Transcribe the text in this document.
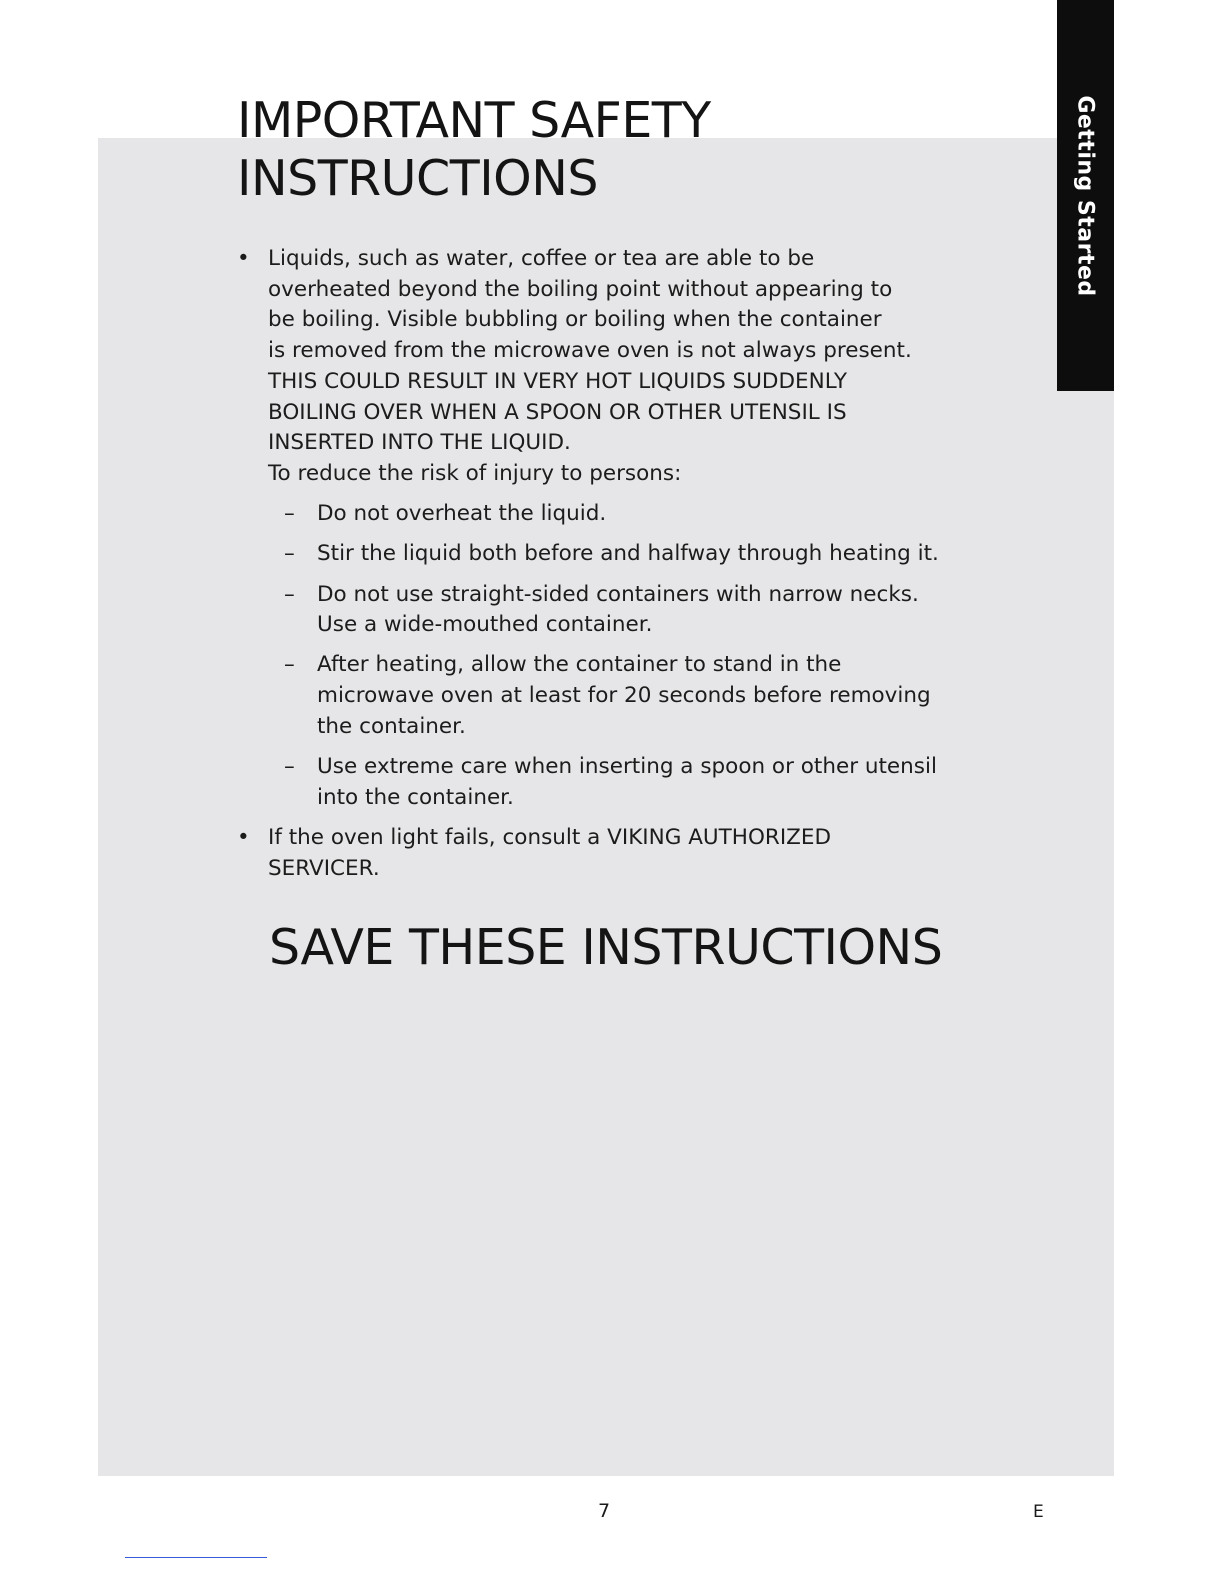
Getting Started
IMPORTANT SAFETY
INSTRUCTIONS
• Liquids, such as water, coffee or tea are able to be
overheated beyond the boiling point without appearing to
be boiling. Visible bubbling or boiling when the container
is removed from the microwave oven is not always present.
THIS COULD RESULT IN VERY HOT LIQUIDS SUDDENLY
BOILING OVER WHEN A SPOON OR OTHER UTENSIL IS
INSERTED INTO THE LIQUID.
To reduce the risk of injury to persons:
– Do not overheat the liquid.
– Stir the liquid both before and halfway through heating it.
– Do not use straight-sided containers with narrow necks.
Use a wide-mouthed container.
– After heating, allow the container to stand in the
microwave oven at least for 20 seconds before removing
the container.
– Use extreme care when inserting a spoon or other utensil
into the container.
• If the oven light fails, consult a VIKING AUTHORIZED
SERVICER.
SAVE THESE INSTRUCTIONS
7	E
